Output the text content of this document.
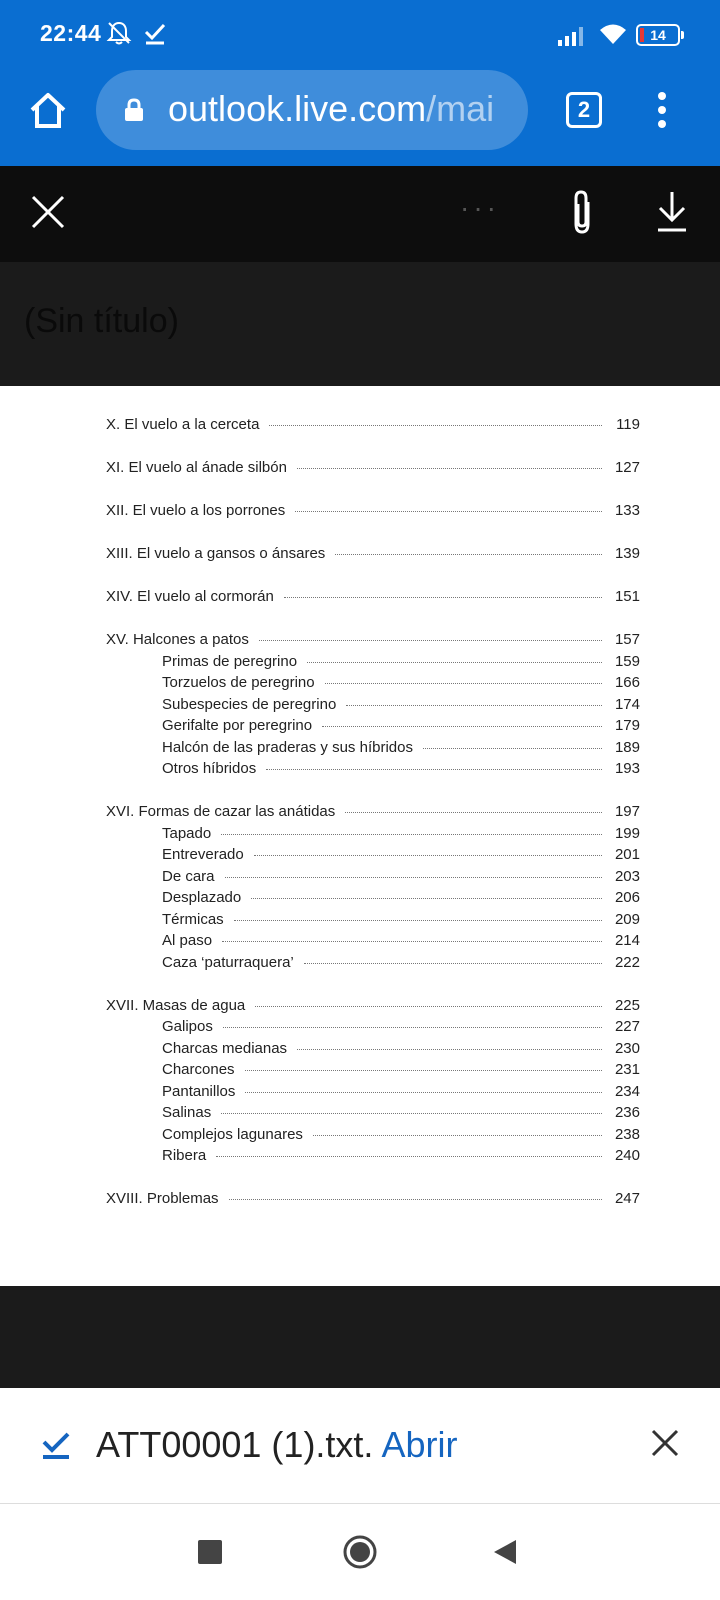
22:44	14
outlook.live.com/mai	2
···
(Sin título)
X. El vuelo a la cerceta	119
XI. El vuelo al ánade silbón	127
XII. El vuelo a los porrones	133
XIII. El vuelo a gansos o ánsares	139
XIV. El vuelo al cormorán	151
XV. Halcones a patos	157
Primas de peregrino	159
Torzuelos de peregrino	166
Subespecies de peregrino	174
Gerifalte por peregrino	179
Halcón de las praderas y sus híbridos	189
Otros híbridos	193
XVI. Formas de cazar las anátidas	197
Tapado	199
Entreverado	201
De cara	203
Desplazado	206
Térmicas	209
Al paso	214
Caza ‘paturraquera’	222
XVII. Masas de agua	225
Galipos	227
Charcas medianas	230
Charcones	231
Pantanillos	234
Salinas	236
Complejos lagunares	238
Ribera	240
XVIII. Problemas	247
ATT00001 (1).txt. Abrir
